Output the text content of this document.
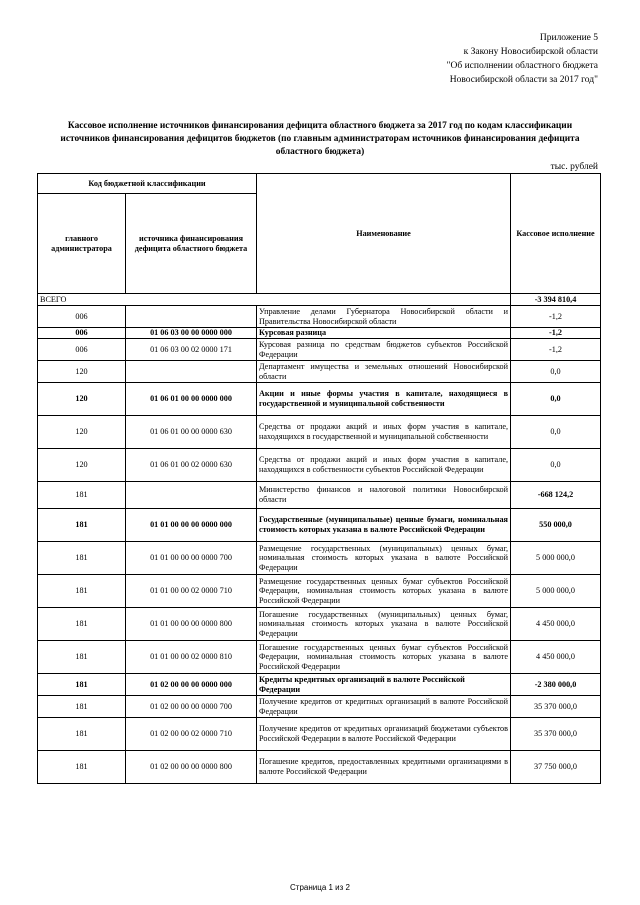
Приложение 5
к Закону Новосибирской области
"Об исполнении областного бюджета
Новосибирской области за 2017 год"
Кассовое исполнение источников финансирования дефицита областного бюджета за 2017 год по кодам классификации
источников финансирования дефицитов бюджетов (по главным администраторам источников финансирования дефицита
областного бюджета)
тыс. рублей
Код бюджетной классификации		Наименование	Кассовое исполнение
главного администратора	источника финансирования дефицита областного бюджета		
ВСЕГО			-3 394 810,4
006		Управление делами Губернатора Новосибирской области и Правительства Новосибирской области	-1,2
006	01 06 03 00 00 0000 000	Курсовая разница	-1,2
006	01 06 03 00 02 0000 171	Курсовая разница по средствам бюджетов субъектов Российской Федерации	-1,2
120		Департамент имущества и земельных отношений Новосибирской области	0,0
120	01 06 01 00 00 0000 000	Акции и иные формы участия в капитале, находящиеся в государственной и муниципальной собственности	0,0
120	01 06 01 00 00 0000 630	Средства от продажи акций и иных форм участия в капитале, находящихся в государственной и муниципальной собственности	0,0
120	01 06 01 00 02 0000 630	Средства от продажи акций и иных форм участия в капитале, находящихся в собственности субъектов Российской Федерации	0,0
181		Министерство финансов и налоговой политики Новосибирской области	-668 124,2
181	01 01 00 00 00 0000 000	Государственные (муниципальные) ценные бумаги, номинальная стоимость которых указана в валюте Российской Федерации	550 000,0
181	01 01 00 00 00 0000 700	Размещение государственных (муниципальных) ценных бумаг, номинальная стоимость которых указана в валюте Российской Федерации	5 000 000,0
181	01 01 00 00 02 0000 710	Размещение государственных ценных бумаг субъектов Российской Федерации, номинальная стоимость которых указана в валюте Российской Федерации	5 000 000,0
181	01 01 00 00 00 0000 800	Погашение государственных (муниципальных) ценных бумаг, номинальная стоимость которых указана в валюте Российской Федерации	4 450 000,0
181	01 01 00 00 02 0000 810	Погашение государственных ценных бумаг субъектов Российской Федерации, номинальная стоимость которых указана в валюте Российской Федерации	4 450 000,0
181	01 02 00 00 00 0000 000	Кредиты кредитных организаций в валюте Российской Федерации	-2 380 000,0
181	01 02 00 00 00 0000 700	Получение кредитов от кредитных организаций в валюте Российской Федерации	35 370 000,0
181	01 02 00 00 02 0000 710	Получение кредитов от кредитных организаций бюджетами субъектов Российской Федерации в валюте Российской Федерации	35 370 000,0
181	01 02 00 00 00 0000 800	Погашение кредитов, предоставленных кредитными организациями в валюте Российской Федерации	37 750 000,0
Страница 1 из 2
